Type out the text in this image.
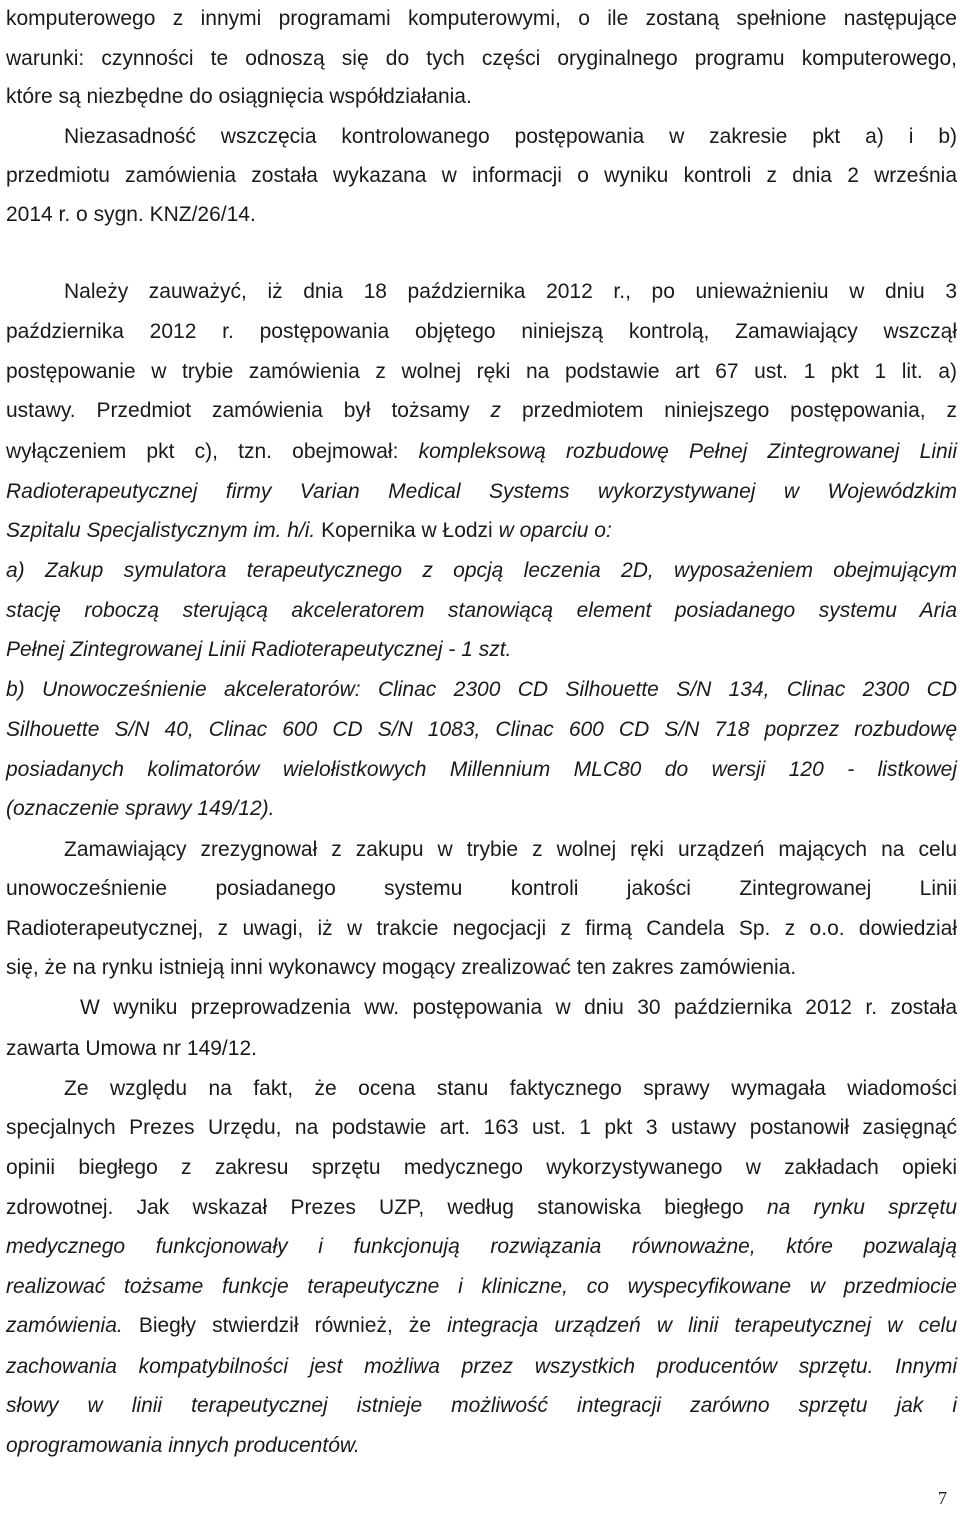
komputerowego z innymi programami komputerowymi, o ile zostaną spełnione następujące

warunki: czynności te odnoszą się do tych części oryginalnego programu komputerowego,

które są niezbędne do osiągnięcia współdziałania.

Niezasadność wszczęcia kontrolowanego postępowania w zakresie pkt a) i b)

przedmiotu zamówienia została wykazana w informacji o wyniku kontroli z dnia 2 września

2014 r. o sygn. KNZ/26/14.

Należy zauważyć, iż dnia 18 października 2012 r., po unieważnieniu w dniu 3

października 2012 r. postępowania objętego niniejszą kontrolą, Zamawiający wszczął

postępowanie w trybie zamówienia z wolnej ręki na podstawie art 67 ust. 1 pkt 1 lit. a)

ustawy. Przedmiot zamówienia był tożsamy z przedmiotem niniejszego postępowania, z

wyłączeniem pkt c), tzn. obejmował: kompleksową rozbudowę Pełnej Zintegrowanej Linii

Radioterapeutycznej firmy Varian Medical Systems wykorzystywanej w Wojewódzkim

Szpitalu Specjalistycznym im. h/i. Kopernika w Łodzi w oparciu o:

a) Zakup symulatora terapeutycznego z opcją leczenia 2D, wyposażeniem obejmującym

stację roboczą sterującą akceleratorem stanowiącą element posiadanego systemu Aria

Pełnej Zintegrowanej Linii Radioterapeutycznej - 1 szt.

b) Unowocześnienie akceleratorów: Clinac 2300 CD Silhouette S/N 134, Clinac 2300 CD

Silhouette S/N 40, Clinac 600 CD S/N 1083, Clinac 600 CD S/N 718 poprzez rozbudowę

posiadanych kolimatorów wielołistkowych Millennium MLC80 do wersji 120 - listkowej

(oznaczenie sprawy 149/12).

Zamawiający zrezygnował z zakupu w trybie z wolnej ręki urządzeń mających na celu

unowocześnienie posiadanego systemu kontroli jakości Zintegrowanej Linii

Radioterapeutycznej, z uwagi, iż w trakcie negocjacji z firmą Candela Sp. z o.o. dowiedział

się, że na rynku istnieją inni wykonawcy mogący zrealizować ten zakres zamówienia.

W wyniku przeprowadzenia ww. postępowania w dniu 30 października 2012 r. została

zawarta Umowa nr 149/12.

Ze względu na fakt, że ocena stanu faktycznego sprawy wymagała wiadomości

specjalnych Prezes Urzędu, na podstawie art. 163 ust. 1 pkt 3 ustawy postanowił zasięgnąć

opinii biegłego z zakresu sprzętu medycznego wykorzystywanego w zakładach opieki

zdrowotnej. Jak wskazał Prezes UZP, według stanowiska biegłego na rynku sprzętu

medycznego funkcjonowały i funkcjonują rozwiązania równoważne, które pozwalają

realizować tożsame funkcje terapeutyczne i kliniczne, co wyspecyfikowane w przedmiocie

zamówienia. Biegły stwierdził również, że integracja urządzeń w linii terapeutycznej w celu

zachowania kompatybilności jest możliwa przez wszystkich producentów sprzętu. Innymi

słowy w linii terapeutycznej istnieje możliwość integracji zarówno sprzętu jak i

oprogramowania innych producentów.

7
